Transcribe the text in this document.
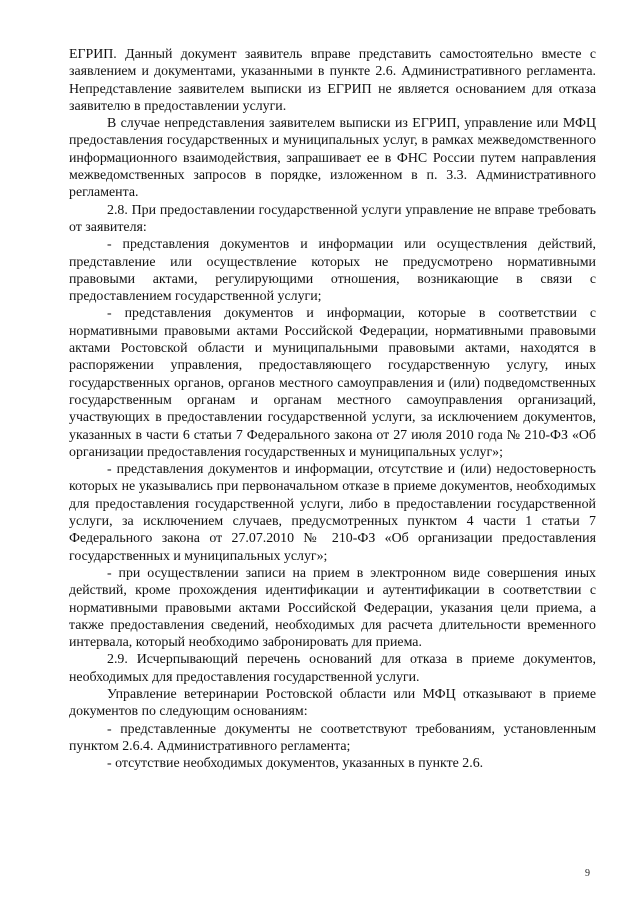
ЕГРИП. Данный документ заявитель вправе представить самостоятельно вместе с заявлением и документами, указанными в пункте 2.6. Административного регламента. Непредставление заявителем выписки из ЕГРИП не является основанием для отказа заявителю в предоставлении услуги.

В случае непредставления заявителем выписки из ЕГРИП, управление или МФЦ предоставления государственных и муниципальных услуг, в рамках межведомственного информационного взаимодействия, запрашивает ее в ФНС России путем направления межведомственных запросов в порядке, изложенном в п. 3.3. Административного регламента.

2.8. При предоставлении государственной услуги управление не вправе требовать от заявителя:

- представления документов и информации или осуществления действий, представление или осуществление которых не предусмотрено нормативными правовыми актами, регулирующими отношения, возникающие в связи с предоставлением государственной услуги;

- представления документов и информации, которые в соответствии с нормативными правовыми актами Российской Федерации, нормативными правовыми актами Ростовской области и муниципальными правовыми актами, находятся в распоряжении управления, предоставляющего государственную услугу, иных государственных органов, органов местного самоуправления и (или) подведомственных государственным органам и органам местного самоуправления организаций, участвующих в предоставлении государственной услуги, за исключением документов, указанных в части 6 статьи 7 Федерального закона от 27 июля 2010 года № 210-ФЗ «Об организации предоставления государственных и муниципальных услуг»;

- представления документов и информации, отсутствие и (или) недостоверность которых не указывались при первоначальном отказе в приеме документов, необходимых для предоставления государственной услуги, либо в предоставлении государственной услуги, за исключением случаев, предусмотренных пунктом 4 части 1 статьи 7 Федерального закона от 27.07.2010 № 210-ФЗ «Об организации предоставления государственных и муниципальных услуг»;

- при осуществлении записи на прием в электронном виде совершения иных действий, кроме прохождения идентификации и аутентификации в соответствии с нормативными правовыми актами Российской Федерации, указания цели приема, а также предоставления сведений, необходимых для расчета длительности временного интервала, который необходимо забронировать для приема.

2.9. Исчерпывающий перечень оснований для отказа в приеме документов, необходимых для предоставления государственной услуги.

Управление ветеринарии Ростовской области или МФЦ отказывают в приеме документов по следующим основаниям:

- представленные документы не соответствуют требованиям, установленным пунктом 2.6.4. Административного регламента;

- отсутствие необходимых документов, указанных в пункте 2.6.

9
